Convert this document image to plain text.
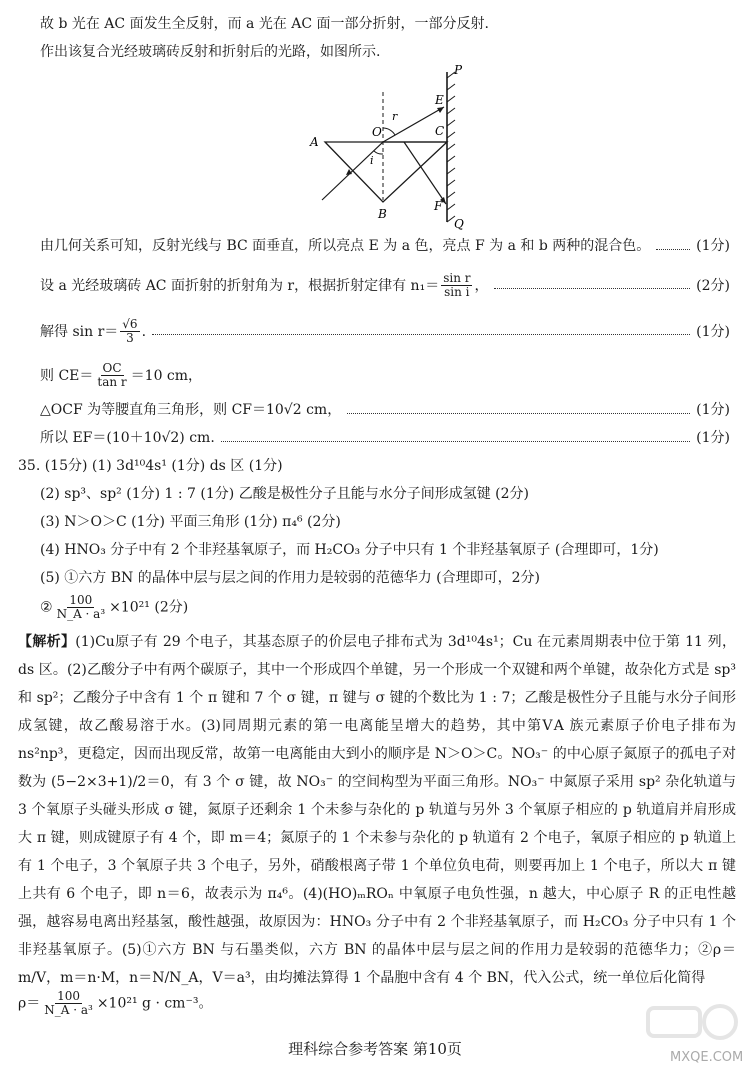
故 b 光在 AC 面发生全反射，而 a 光在 AC 面一部分折射，一部分反射.
作出该复合光经玻璃砖反射和折射后的光路，如图所示.
P
E
O
r
C
A
i
B
F
Q
由几何关系可知，反射光线与 BC 面垂直，所以亮点 E 为 a 色，亮点 F 为 a 和 b 两种的混合色。	(1分)
设 a 光经玻璃砖 AC 面折射的折射角为 r，根据折射定律有 $n_1= \frac{\text{sin r}}{\text{sin i}}$ ，	(2分)
解得 $\sin r= \frac{√6}{3}$ .	(1分)
则 $CE= \frac{OC}{\text{tan r}} =10$ cm，
△OCF 为等腰直角三角形，则 CF＝10√2 cm，	(1分)
所以 EF＝(10＋10√2) cm.	(1分)
35. (15分) (1) 3d¹⁰4s¹ (1分) ds 区 (1分)
(2) sp³、sp² (1分) 1 : 7 (1分) 乙酸是极性分子且能与水分子间形成氢键 (2分)
(3) N＞O＞C (1分) 平面三角形 (1分) π₄⁶ (2分)
(4) HNO₃ 分子中有 2 个非羟基氧原子，而 H₂CO₃ 分子中只有 1 个非羟基氧原子 (合理即可，1分)
(5) ①六方 BN 的晶体中层与层之间的作用力是较弱的范德华力 (合理即可，2分)
② $\frac{100}{\text{N\_A · a³}} \times 10^{21}$ (2分)
【解析】(1)Cu原子有 29 个电子，其基态原子的价层电子排布式为 3d¹⁰4s¹；Cu 在元素周期表中位于第 11 列，ds 区。(2)乙酸分子中有两个碳原子，其中一个形成四个单键，另一个形成一个双键和两个单键，故杂化方式是 sp³ 和 sp²；乙酸分子中含有 1 个 π 键和 7 个 σ 键，π 键与 σ 键的个数比为 1 : 7；乙酸是极性分子且能与水分子间形成氢键，故乙酸易溶于水。(3)同周期元素的第一电离能呈增大的趋势，其中第ⅤA 族元素原子价电子排布为 ns²np³，更稳定，因而出现反常，故第一电离能由大到小的顺序是 N＞O＞C。NO₃⁻ 的中心原子氮原子的孤电子对数为 (5−2×3+1)/2＝0，有 3 个 σ 键，故 NO₃⁻ 的空间构型为平面三角形。NO₃⁻ 中氮原子采用 sp² 杂化轨道与 3 个氧原子头碰头形成 σ 键，氮原子还剩余 1 个未参与杂化的 p 轨道与另外 3 个氧原子相应的 p 轨道肩并肩形成大 π 键，则成键原子有 4 个，即 m＝4；氮原子的 1 个未参与杂化的 p 轨道有 2 个电子，氧原子相应的 p 轨道上有 1 个电子，3 个氧原子共 3 个电子，另外，硝酸根离子带 1 个单位负电荷，则要再加上 1 个电子，所以大 π 键上共有 6 个电子，即 n＝6，故表示为 π₄⁶。(4)(HO)ₘROₙ 中氧原子电负性强，n 越大，中心原子 R 的正电性越强，越容易电离出羟基氢，酸性越强，故原因为：HNO₃ 分子中有 2 个非羟基氧原子，而 H₂CO₃ 分子中只有 1 个非羟基氧原子。(5)①六方 BN 与石墨类似，六方 BN 的晶体中层与层之间的作用力是较弱的范德华力；②ρ＝m/V，m＝n·M，n＝N/N_A，V＝a³，由均摊法算得 1 个晶胞中含有 4 个 BN，代入公式，统一单位后化简得
$\rho= \frac{100}{\text{N\_A · a³}} \times 10^{21}$ g · cm⁻³。
理科综合参考答案 第10页	MXQE.COM
